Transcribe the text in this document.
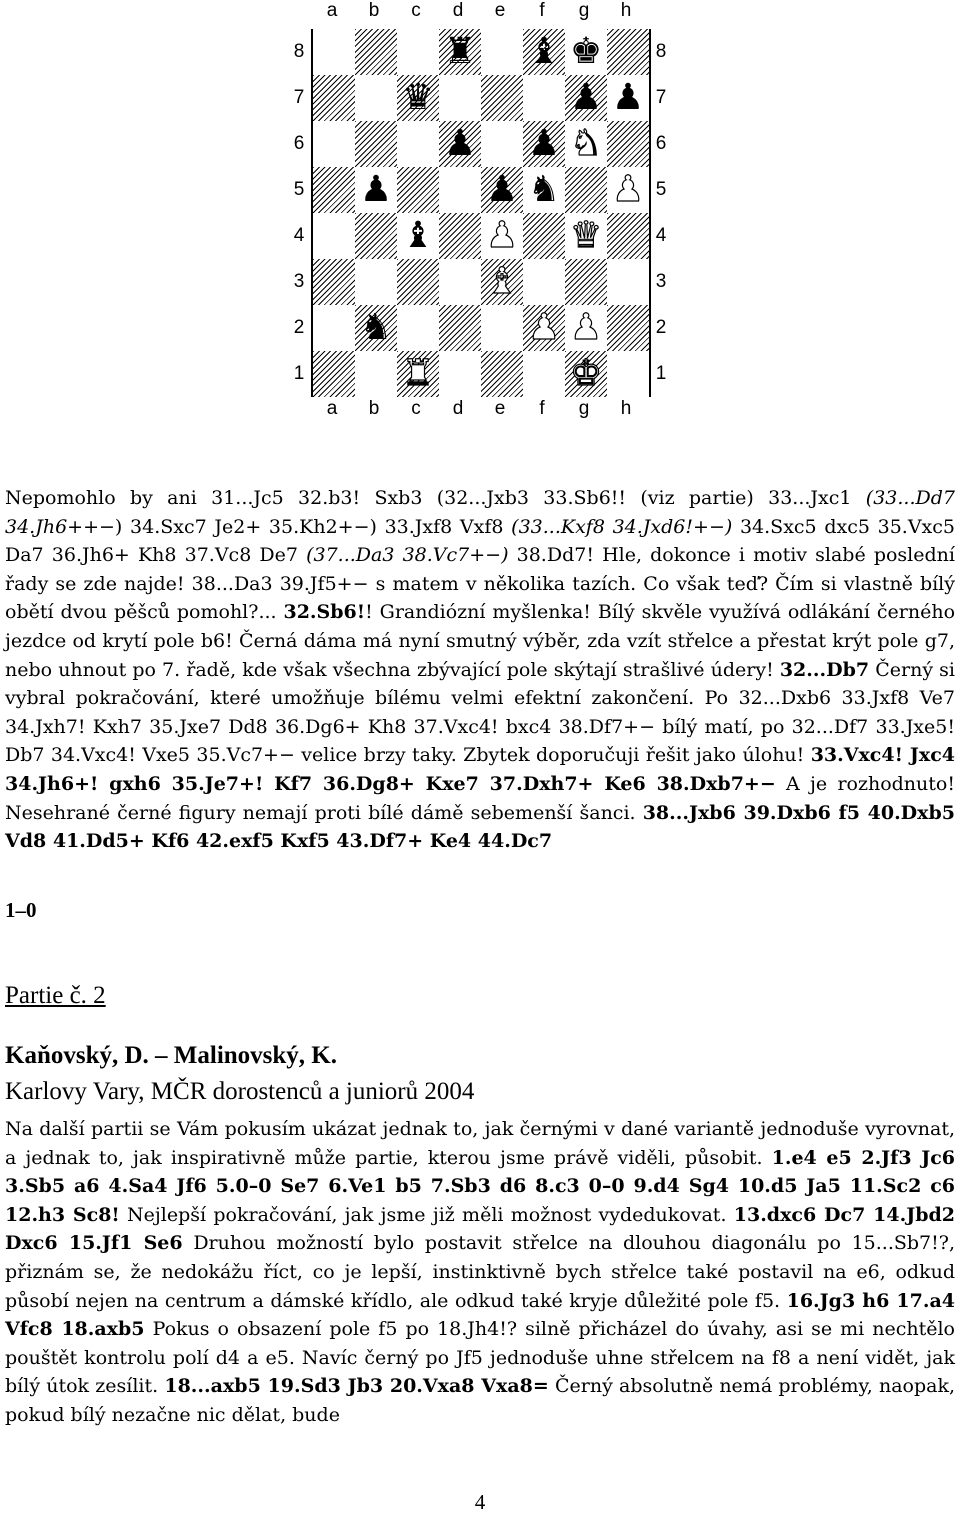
a	b	c	d	e	f	g	h
8
7
6
5
4
3
2
1
♜ ♝ ♚
♛	♟ ♟
♟ ♟ ♞
♟	♟ ♞ ♟
♝ ♟ ♛
♝
♞	♟ ♟
♜	♚
8
7
6
5
4
3
2
1
a	b	c	d	e	f	g	h

Nepomohlo by ani 31...Jc5 32.b3! Sxb3 (32...Jxb3 33.Sb6!! (viz partie) 33...Jxc1 (33...Dd7 34.Jh6++−) 34.Sxc7 Je2+ 35.Kh2+−) 33.Jxf8 Vxf8 (33...Kxf8 34.Jxd6!+−) 34.Sxc5 dxc5 35.Vxc5 Da7 36.Jh6+ Kh8 37.Vc8 De7 (37...Da3 38.Vc7+−) 38.Dd7! Hle, dokonce i motiv slabé poslední řady se zde najde! 38...Da3 39.Jf5+− s matem v několika tazích. Co však teď? Čím si vlastně bílý obětí dvou pěšců pomohl?... 32.Sb6!! Grandiózní myšlenka! Bílý skvěle využívá odlákání černého jezdce od krytí pole b6! Černá dáma má nyní smutný výběr, zda vzít střelce a přestat krýt pole g7, nebo uhnout po 7. řadě, kde však všechna zbývající pole skýtají strašlivé údery! 32...Db7 Černý si vybral pokračování, které umožňuje bílému velmi efektní zakončení. Po 32...Dxb6 33.Jxf8 Ve7 34.Jxh7! Kxh7 35.Jxe7 Dd8 36.Dg6+ Kh8 37.Vxc4! bxc4 38.Df7+− bílý matí, po 32...Df7 33.Jxe5! Db7 34.Vxc4! Vxe5 35.Vc7+− velice brzy taky. Zbytek doporučuji řešit jako úlohu! 33.Vxc4! Jxc4 34.Jh6+! gxh6 35.Je7+! Kf7 36.Dg8+ Kxe7 37.Dxh7+ Ke6 38.Dxb7+− A je rozhodnuto! Nesehrané černé figury nemají proti bílé dámě sebemenší šanci. 38...Jxb6 39.Dxb6 f5 40.Dxb5 Vd8 41.Dd5+ Kf6 42.exf5 Kxf5 43.Df7+ Ke4 44.Dc7

1–0
Partie č. 2
Kaňovský, D. – Malinovský, K.
Karlovy Vary, MČR dorostenců a juniorů 2004

Na další partii se Vám pokusím ukázat jednak to, jak černými v dané variantě jednoduše vyrovnat, a jednak to, jak inspirativně může partie, kterou jsme právě viděli, působit. 1.e4 e5 2.Jf3 Jc6 3.Sb5 a6 4.Sa4 Jf6 5.0–0 Se7 6.Ve1 b5 7.Sb3 d6 8.c3 0–0 9.d4 Sg4 10.d5 Ja5 11.Sc2 c6 12.h3 Sc8! Nejlepší pokračování, jak jsme již měli možnost vydedukovat. 13.dxc6 Dc7 14.Jbd2 Dxc6 15.Jf1 Se6 Druhou možností bylo postavit střelce na dlouhou diagonálu po 15...Sb7!?, přiznám se, že nedokážu říct, co je lepší, instinktivně bych střelce také postavil na e6, odkud působí nejen na centrum a dámské křídlo, ale odkud také kryje důležité pole f5. 16.Jg3 h6 17.a4 Vfc8 18.axb5 Pokus o obsazení pole f5 po 18.Jh4!? silně přicházel do úvahy, asi se mi nechtělo pouštět kontrolu polí d4 a e5. Navíc černý po Jf5 jednoduše uhne střelcem na f8 a není vidět, jak bílý útok zesílit. 18...axb5 19.Sd3 Jb3 20.Vxa8 Vxa8= Černý absolutně nemá problémy, naopak, pokud bílý nezačne nic dělat, bude

4
